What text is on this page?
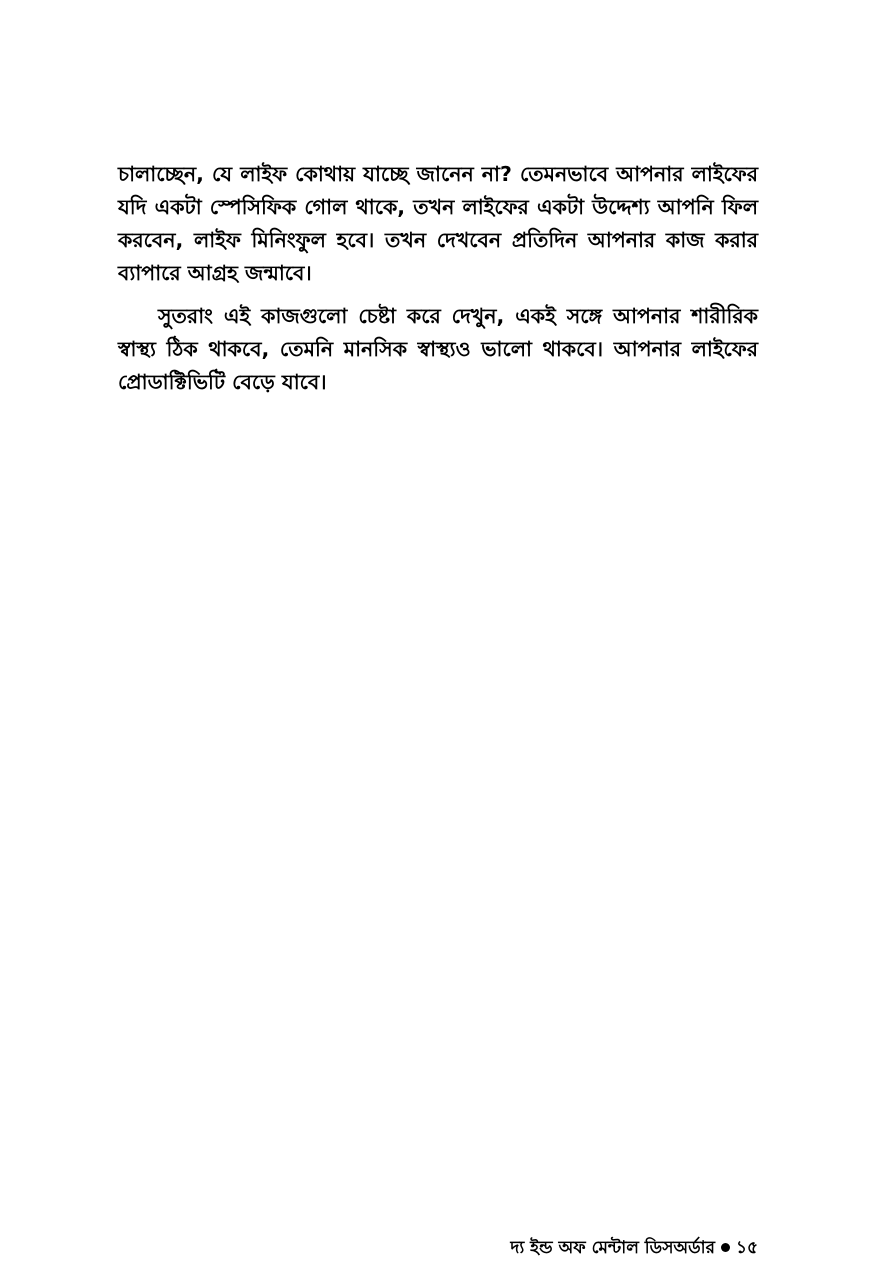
চালাচ্ছেন, যে লাইফ কোথায় যাচ্ছে জানেন না? তেমনভাবে আপনার লাইফের যদি একটা স্পেসিফিক গোল থাকে, তখন লাইফের একটা উদ্দেশ্য আপনি ফিল করবেন, লাইফ মিনিংফুল হবে। তখন দেখবেন প্রতিদিন আপনার কাজ করার ব্যাপারে আগ্রহ জন্মাবে।

সুতরাং এই কাজগুলো চেষ্টা করে দেখুন, একই সঙ্গে আপনার শারীরিক স্বাস্থ্য ঠিক থাকবে, তেমনি মানসিক স্বাস্থ্যও ভালো থাকবে। আপনার লাইফের প্রোডাক্টিভিটি বেড়ে যাবে।

দ্য ইন্ড অফ মেন্টাল ডিসঅর্ডার ১৫
